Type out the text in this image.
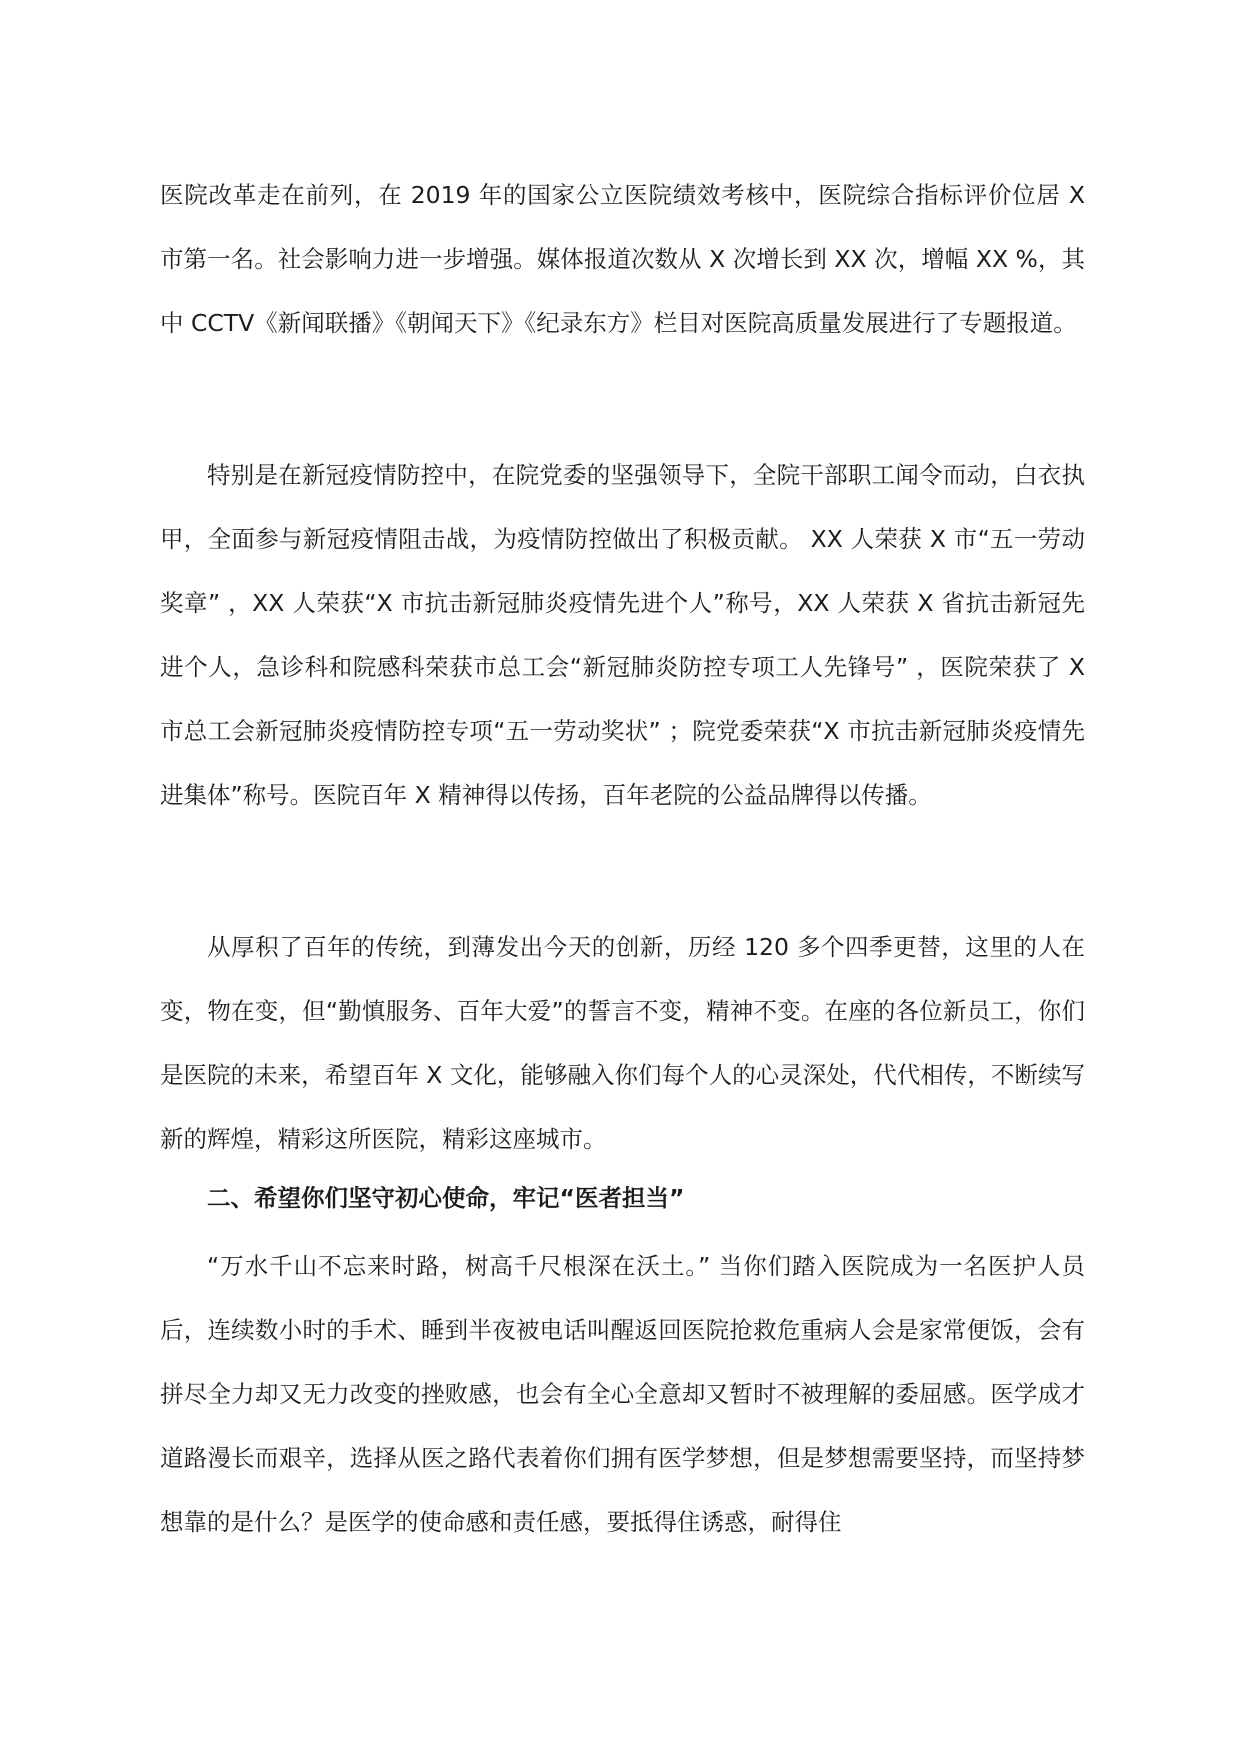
医院改革走在前列，在 2019 年的国家公立医院绩效考核中，医院综合指标评价位居 X 市第一名。社会影响力进一步增强。媒体报道次数从 X 次增长到 XX 次，增幅 XX %，其中 CCTV《新闻联播》《朝闻天下》《纪录东方》栏目对医院高质量发展进行了专题报道。

特别是在新冠疫情防控中，在院党委的坚强领导下，全院干部职工闻令而动，白衣执甲，全面参与新冠疫情阻击战，为疫情防控做出了积极贡献。 XX 人荣获 X 市“五一劳动奖章” ，XX 人荣获“X 市抗击新冠肺炎疫情先进个人”称号，XX 人荣获 X 省抗击新冠先进个人，急诊科和院感科荣获市总工会“新冠肺炎防控专项工人先锋号” ，医院荣获了 X 市总工会新冠肺炎疫情防控专项“五一劳动奖状” ；院党委荣获“X 市抗击新冠肺炎疫情先进集体”称号。医院百年 X 精神得以传扬，百年老院的公益品牌得以传播。

从厚积了百年的传统，到薄发出今天的创新，历经 120 多个四季更替，这里的人在变，物在变，但“勤慎服务、百年大爱”的誓言不变，精神不变。在座的各位新员工，你们是医院的未来，希望百年 X 文化，能够融入你们每个人的心灵深处，代代相传，不断续写新的辉煌，精彩这所医院，精彩这座城市。

二、希望你们坚守初心使命，牢记“医者担当”

“万水千山不忘来时路，树高千尺根深在沃土。” 当你们踏入医院成为一名医护人员后，连续数小时的手术、睡到半夜被电话叫醒返回医院抢救危重病人会是家常便饭，会有拼尽全力却又无力改变的挫败感，也会有全心全意却又暂时不被理解的委屈感。医学成才道路漫长而艰辛，选择从医之路代表着你们拥有医学梦想，但是梦想需要坚持，而坚持梦想靠的是什么？是医学的使命感和责任感，要抵得住诱惑，耐得住
